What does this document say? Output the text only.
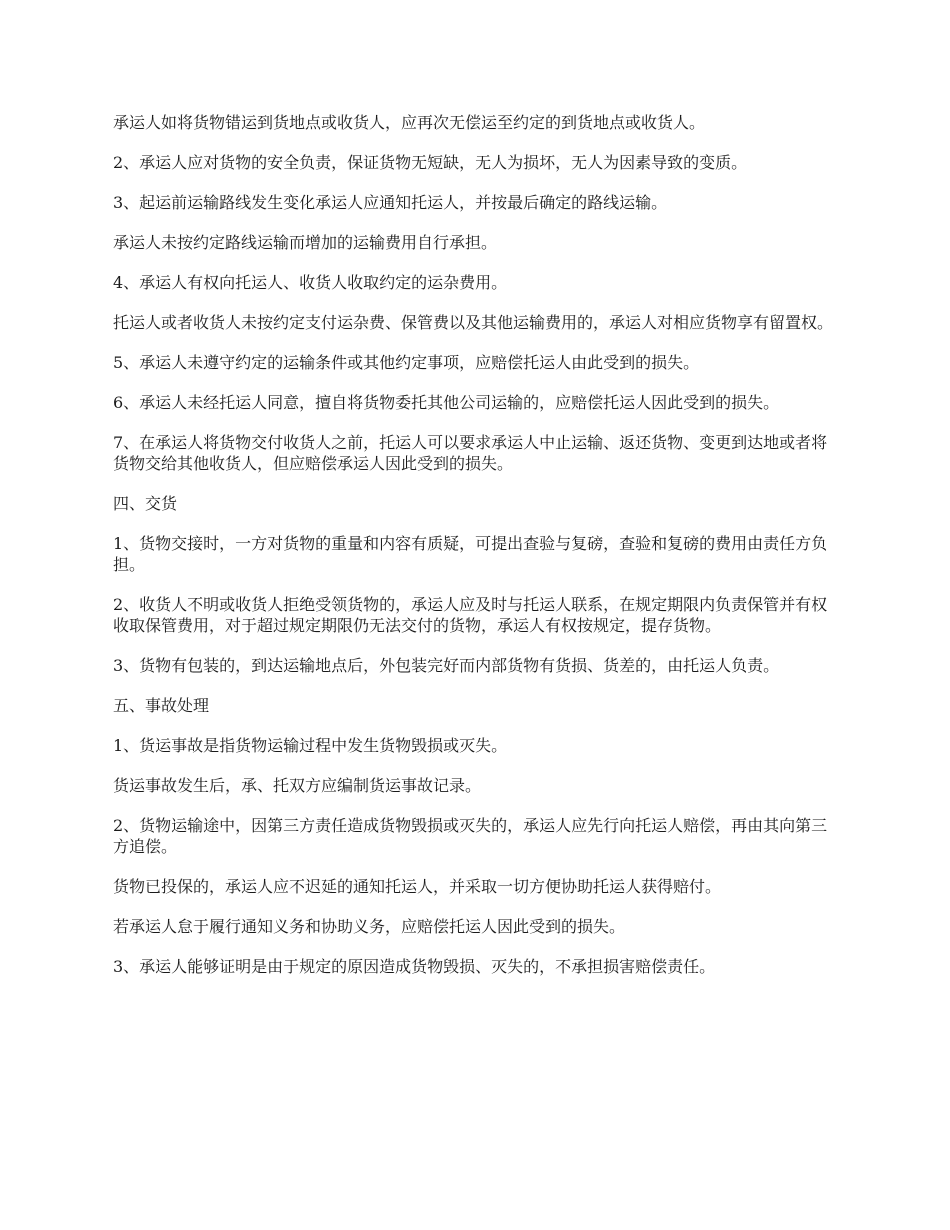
承运人如将货物错运到货地点或收货人，应再次无偿运至约定的到货地点或收货人。

2、承运人应对货物的安全负责，保证货物无短缺，无人为损坏，无人为因素导致的变质。

3、起运前运输路线发生变化承运人应通知托运人，并按最后确定的路线运输。

承运人未按约定路线运输而增加的运输费用自行承担。

4、承运人有权向托运人、收货人收取约定的运杂费用。

托运人或者收货人未按约定支付运杂费、保管费以及其他运输费用的，承运人对相应货物享有留置权。

5、承运人未遵守约定的运输条件或其他约定事项，应赔偿托运人由此受到的损失。

6、承运人未经托运人同意，擅自将货物委托其他公司运输的，应赔偿托运人因此受到的损失。

7、在承运人将货物交付收货人之前，托运人可以要求承运人中止运输、返还货物、变更到达地或者将货物交给其他收货人，但应赔偿承运人因此受到的损失。

四、交货

1、货物交接时，一方对货物的重量和内容有质疑，可提出查验与复磅，查验和复磅的费用由责任方负担。

2、收货人不明或收货人拒绝受领货物的，承运人应及时与托运人联系，在规定期限内负责保管并有权收取保管费用，对于超过规定期限仍无法交付的货物，承运人有权按规定，提存货物。

3、货物有包装的，到达运输地点后，外包装完好而内部货物有货损、货差的，由托运人负责。

五、事故处理

1、货运事故是指货物运输过程中发生货物毁损或灭失。

货运事故发生后，承、托双方应编制货运事故记录。

2、货物运输途中，因第三方责任造成货物毁损或灭失的，承运人应先行向托运人赔偿，再由其向第三方追偿。

货物已投保的，承运人应不迟延的通知托运人，并采取一切方便协助托运人获得赔付。

若承运人怠于履行通知义务和协助义务，应赔偿托运人因此受到的损失。

3、承运人能够证明是由于规定的原因造成货物毁损、灭失的，不承担损害赔偿责任。
